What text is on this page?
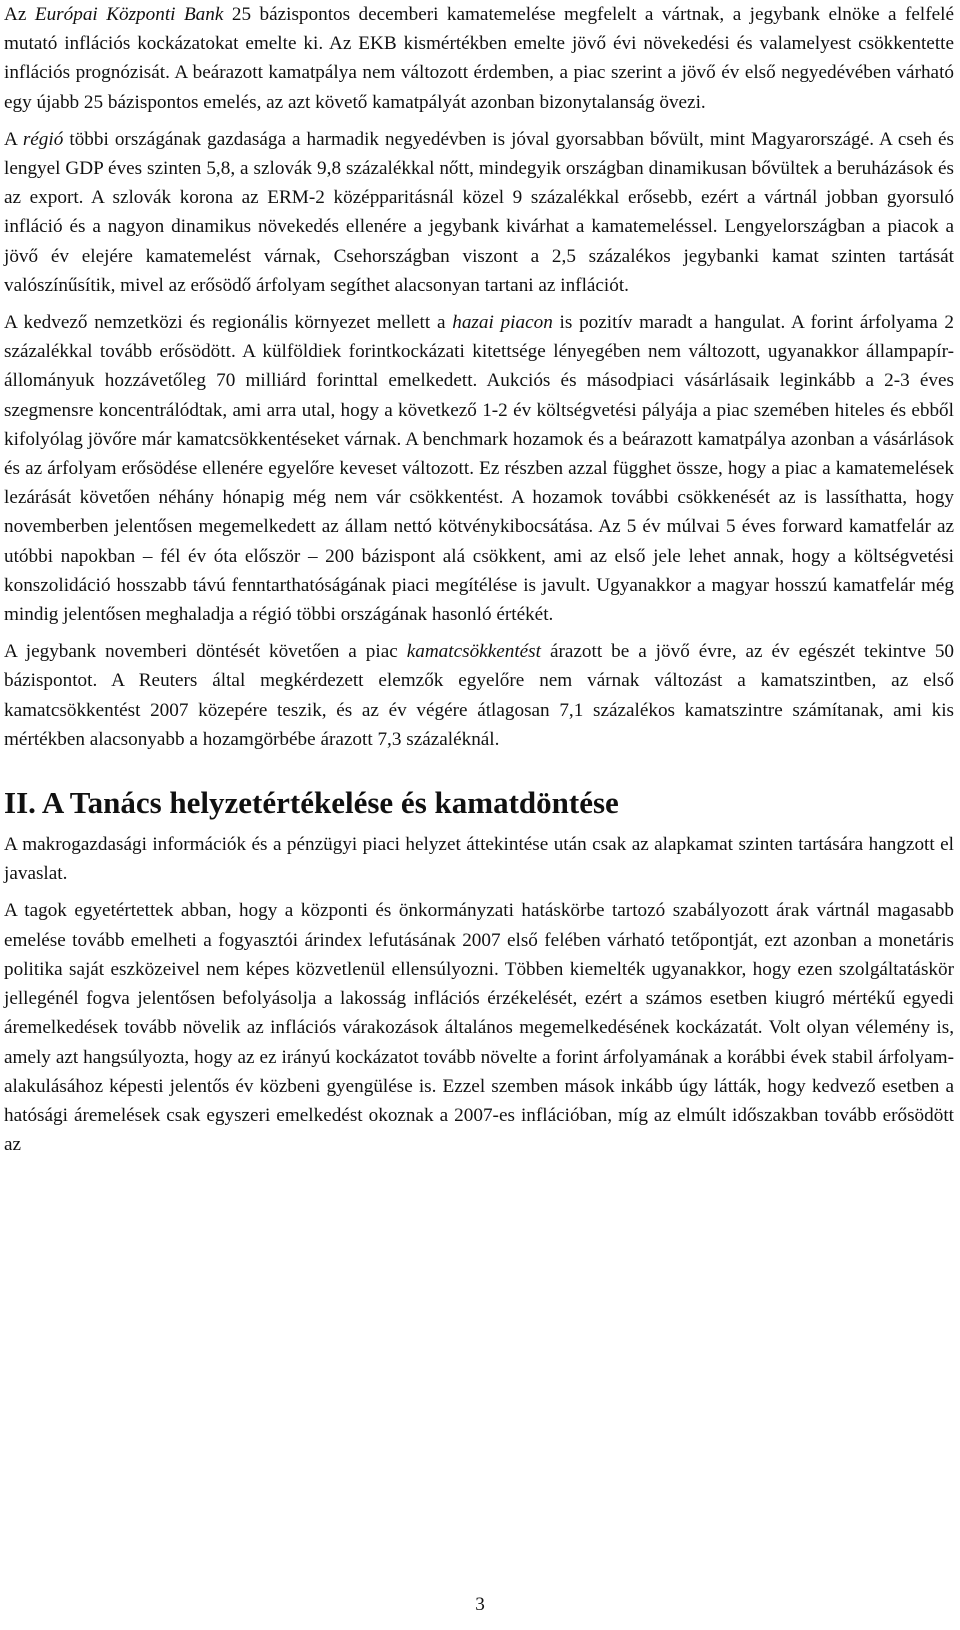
Az Európai Központi Bank 25 bázispontos decemberi kamatemelése megfelelt a vártnak, a jegybank elnöke a felfelé mutató inflációs kockázatokat emelte ki. Az EKB kismértékben emelte jövő évi növekedési és valamelyest csökkentette inflációs prognózisát. A beárazott kamatpálya nem változott érdemben, a piac szerint a jövő év első negyedévében várható egy újabb 25 bázispontos emelés, az azt követő kamatpályát azonban bizonytalanság övezi.

A régió többi országának gazdasága a harmadik negyedévben is jóval gyorsabban bővült, mint Magyarországé. A cseh és lengyel GDP éves szinten 5,8, a szlovák 9,8 százalékkal nőtt, mindegyik országban dinamikusan bővültek a beruházások és az export. A szlovák korona az ERM-2 középparitásnál közel 9 százalékkal erősebb, ezért a vártnál jobban gyorsuló infláció és a nagyon dinamikus növekedés ellenére a jegybank kivárhat a kamatemeléssel. Lengyelországban a piacok a jövő év elejére kamatemelést várnak, Csehországban viszont a 2,5 százalékos jegybanki kamat szinten tartását valószínűsítik, mivel az erősödő árfolyam segíthet alacsonyan tartani az inflációt.

A kedvező nemzetközi és regionális környezet mellett a hazai piacon is pozitív maradt a hangulat. A forint árfolyama 2 százalékkal tovább erősödött. A külföldiek forintkockázati kitettsége lényegében nem változott, ugyanakkor állampapír-állományuk hozzávetőleg 70 milliárd forinttal emelkedett. Aukciós és másodpiaci vásárlásaik leginkább a 2-3 éves szegmensre koncentrálódtak, ami arra utal, hogy a következő 1-2 év költségvetési pályája a piac szemében hiteles és ebből kifolyólag jövőre már kamatcsökkentéseket várnak. A benchmark hozamok és a beárazott kamatpálya azonban a vásárlások és az árfolyam erősödése ellenére egyelőre keveset változott. Ez részben azzal függhet össze, hogy a piac a kamatemelések lezárását követően néhány hónapig még nem vár csökkentést. A hozamok további csökkenését az is lassíthatta, hogy novemberben jelentősen megemelkedett az állam nettó kötvénykibocsátása. Az 5 év múlvai 5 éves forward kamatfelár az utóbbi napokban – fél év óta először – 200 bázispont alá csökkent, ami az első jele lehet annak, hogy a költségvetési konszolidáció hosszabb távú fenntarthatóságának piaci megítélése is javult. Ugyanakkor a magyar hosszú kamatfelár még mindig jelentősen meghaladja a régió többi országának hasonló értékét.

A jegybank novemberi döntését követően a piac kamatcsökkentést árazott be a jövő évre, az év egészét tekintve 50 bázispontot. A Reuters által megkérdezett elemzők egyelőre nem várnak változást a kamatszintben, az első kamatcsökkentést 2007 közepére teszik, és az év végére átlagosan 7,1 százalékos kamatszintre számítanak, ami kis mértékben alacsonyabb a hozamgörbébe árazott 7,3 százaléknál.

II. A Tanács helyzetértékelése és kamatdöntése

A makrogazdasági információk és a pénzügyi piaci helyzet áttekintése után csak az alapkamat szinten tartására hangzott el javaslat.

A tagok egyetértettek abban, hogy a központi és önkormányzati hatáskörbe tartozó szabályozott árak vártnál magasabb emelése tovább emelheti a fogyasztói árindex lefutásának 2007 első felében várható tetőpontját, ezt azonban a monetáris politika saját eszközeivel nem képes közvetlenül ellensúlyozni. Többen kiemelték ugyanakkor, hogy ezen szolgáltatáskör jellegénél fogva jelentősen befolyásolja a lakosság inflációs érzékelését, ezért a számos esetben kiugró mértékű egyedi áremelkedések tovább növelik az inflációs várakozások általános megemelkedésének kockázatát. Volt olyan vélemény is, amely azt hangsúlyozta, hogy az ez irányú kockázatot tovább növelte a forint árfolyamának a korábbi évek stabil árfolyam-alakulásához képesti jelentős év közbeni gyengülése is. Ezzel szemben mások inkább úgy látták, hogy kedvező esetben a hatósági áremelések csak egyszeri emelkedést okoznak a 2007-es inflációban, míg az elmúlt időszakban tovább erősödött az

3
